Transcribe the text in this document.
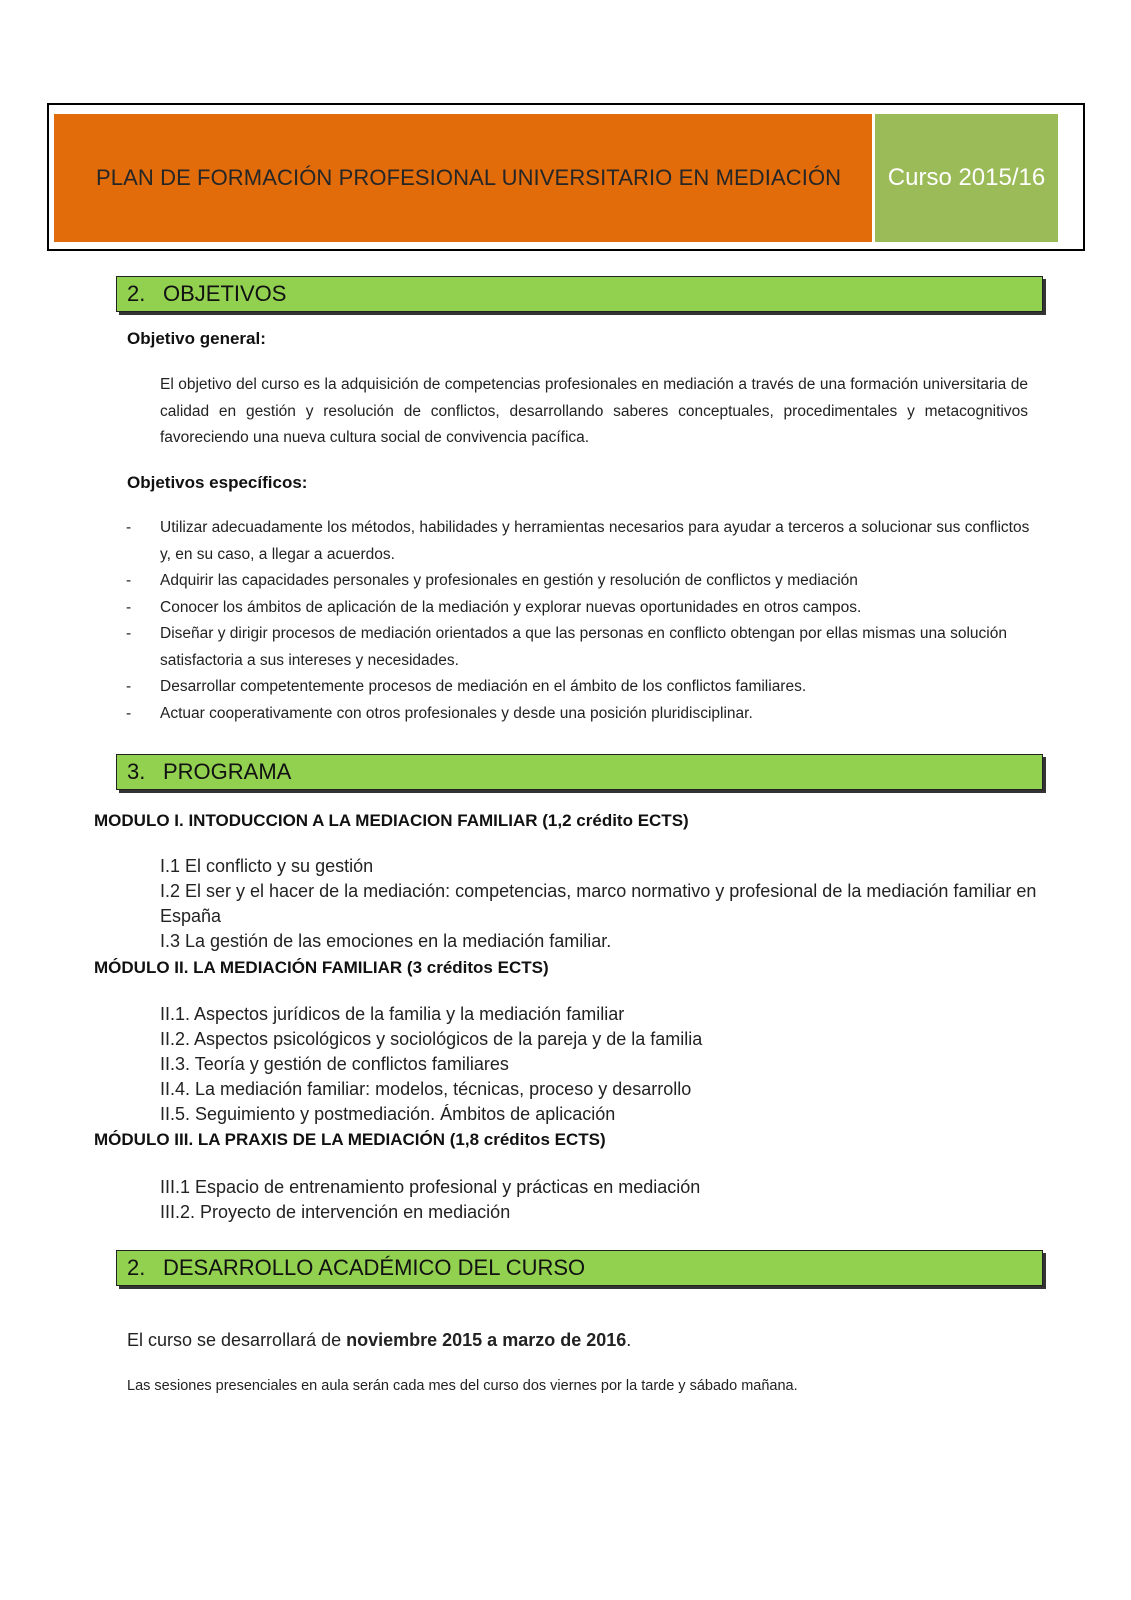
PLAN DE FORMACIÓN PROFESIONAL UNIVERSITARIO EN MEDIACIÓN	Curso 2015/16
2. OBJETIVOS
Objetivo general:
El objetivo del curso es la adquisición de competencias profesionales en mediación a través de una formación universitaria de calidad en gestión y resolución de conflictos, desarrollando saberes conceptuales, procedimentales y metacognitivos favoreciendo una nueva cultura social de convivencia pacífica.
Objetivos específicos:
- Utilizar adecuadamente los métodos, habilidades y herramientas necesarios para ayudar a terceros a solucionar sus conflictos y, en su caso, a llegar a acuerdos.
- Adquirir las capacidades personales y profesionales en gestión y resolución de conflictos y mediación
- Conocer los ámbitos de aplicación de la mediación y explorar nuevas oportunidades en otros campos.
- Diseñar y dirigir procesos de mediación orientados a que las personas en conflicto obtengan por ellas mismas una solución satisfactoria a sus intereses y necesidades.
- Desarrollar competentemente procesos de mediación en el ámbito de los conflictos familiares.
- Actuar cooperativamente con otros profesionales y desde una posición pluridisciplinar.
3. PROGRAMA
MODULO I. INTODUCCION A LA MEDIACION FAMILIAR (1,2 crédito ECTS)
I.1 El conflicto y su gestión
I.2 El ser y el hacer de la mediación: competencias, marco normativo y profesional de la mediación familiar en España
I.3 La gestión de las emociones en la mediación familiar.
MÓDULO II. LA MEDIACIÓN FAMILIAR (3 créditos ECTS)
II.1. Aspectos jurídicos de la familia y la mediación familiar
II.2. Aspectos psicológicos y sociológicos de la pareja y de la familia
II.3. Teoría y gestión de conflictos familiares
II.4. La mediación familiar: modelos, técnicas, proceso y desarrollo
II.5. Seguimiento y postmediación. Ámbitos de aplicación
MÓDULO III. LA PRAXIS DE LA MEDIACIÓN (1,8 créditos ECTS)
III.1 Espacio de entrenamiento profesional y prácticas en mediación
III.2. Proyecto de intervención en mediación
2. DESARROLLO ACADÉMICO DEL CURSO
El curso se desarrollará de noviembre 2015 a marzo de 2016.
Las sesiones presenciales en aula serán cada mes del curso dos viernes por la tarde y sábado mañana.
